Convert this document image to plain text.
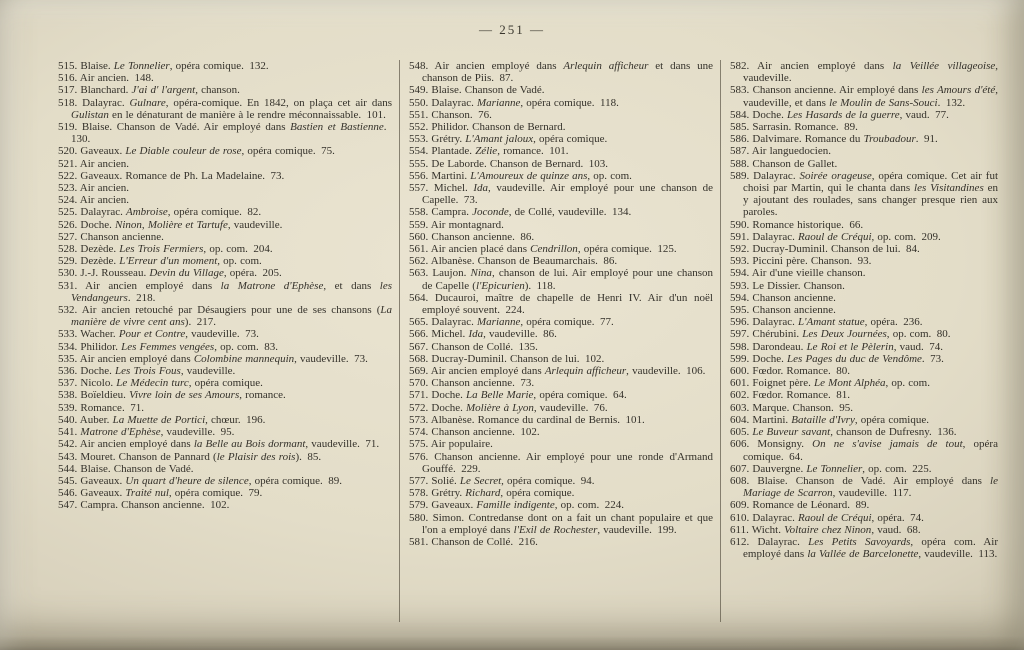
— 251 —

515. Blaise. Le Tonnelier, opéra comique. 132.

516. Air ancien. 148.

517. Blanchard. J'ai d' l'argent, chanson.

518. Dalayrac. Gulnare, opéra-comique. En 1842, on plaça cet air dans Gulistan en le dénaturant de manière à le rendre méconnaissable. 101.

519. Blaise. Chanson de Vadé. Air employé dans Bastien et Bastienne. 130.

520. Gaveaux. Le Diable couleur de rose, opéra comique. 75.

521. Air ancien.

522. Gaveaux. Romance de Ph. La Madelaine. 73.

523. Air ancien.

524. Air ancien.

525. Dalayrac. Ambroise, opéra comique. 82.

526. Doche. Ninon, Molière et Tartufe, vaudeville.

527. Chanson ancienne.

528. Dezède. Les Trois Fermiers, op. com. 204.

529. Dezède. L'Erreur d'un moment, op. com.

530. J.-J. Rousseau. Devin du Village, opéra. 205.

531. Air ancien employé dans la Matrone d'Ephèse, et dans les Vendangeurs. 218.

532. Air ancien retouché par Désaugiers pour une de ses chansons (La manière de vivre cent ans). 217.

533. Wacher. Pour et Contre, vaudeville. 73.

534. Philidor. Les Femmes vengées, op. com. 83.

535. Air ancien employé dans Colombine mannequin, vaudeville. 73.

536. Doche. Les Trois Fous, vaudeville.

537. Nicolo. Le Médecin turc, opéra comique.

538. Boïeldieu. Vivre loin de ses Amours, romance.

539. Romance. 71.

540. Auber. La Muette de Portici, chœur. 196.

541. Matrone d'Ephèse, vaudeville. 95.

542. Air ancien employé dans la Belle au Bois dormant, vaudeville. 71.

543. Mouret. Chanson de Pannard (le Plaisir des rois). 85.

544. Blaise. Chanson de Vadé.

545. Gaveaux. Un quart d'heure de silence, opéra comique. 89.

546. Gaveaux. Traité nul, opéra comique. 79.

547. Campra. Chanson ancienne. 102.

548. Air ancien employé dans Arlequin afficheur et dans une chanson de Piis. 87.

549. Blaise. Chanson de Vadé.

550. Dalayrac. Marianne, opéra comique. 118.

551. Chanson. 76.

552. Philidor. Chanson de Bernard.

553. Grétry. L'Amant jaloux, opéra comique.

554. Plantade. Zélie, romance. 101.

555. De Laborde. Chanson de Bernard. 103.

556. Martini. L'Amoureux de quinze ans, op. com.

557. Michel. Ida, vaudeville. Air employé pour une chanson de Capelle. 73.

558. Campra. Joconde, de Collé, vaudeville. 134.

559. Air montagnard.

560. Chanson ancienne. 86.

561. Air ancien placé dans Cendrillon, opéra comique. 125.

562. Albanèse. Chanson de Beaumarchais. 86.

563. Laujon. Nina, chanson de lui. Air employé pour une chanson de Capelle (l'Epicurien). 118.

564. Ducauroi, maître de chapelle de Henri IV. Air d'un noël employé souvent. 224.

565. Dalayrac. Marianne, opéra comique. 77.

566. Michel. Ida, vaudeville. 86.

567. Chanson de Collé. 135.

568. Ducray-Duminil. Chanson de lui. 102.

569. Air ancien employé dans Arlequin afficheur, vaudeville. 106.

570. Chanson ancienne. 73.

571. Doche. La Belle Marie, opéra comique. 64.

572. Doche. Molière à Lyon, vaudeville. 76.

573. Albanèse. Romance du cardinal de Bernis. 101.

574. Chanson ancienne. 102.

575. Air populaire.

576. Chanson ancienne. Air employé pour une ronde d'Armand Gouffé. 229.

577. Solié. Le Secret, opéra comique. 94.

578. Grétry. Richard, opéra comique.

579. Gaveaux. Famille indigente, op. com. 224.

580. Simon. Contredanse dont on a fait un chant populaire et que l'on a employé dans l'Exil de Rochester, vaudeville. 199.

581. Chanson de Collé. 216.

582. Air ancien employé dans la Veillée villageoise, vaudeville.

583. Chanson ancienne. Air employé dans les Amours d'été, vaudeville, et dans le Moulin de Sans-Souci. 132.

584. Doche. Les Hasards de la guerre, vaud. 77.

585. Sarrasin. Romance. 89.

586. Dalvimare. Romance du Troubadour. 91.

587. Air languedocien.

588. Chanson de Gallet.

589. Dalayrac. Soirée orageuse, opéra comique. Cet air fut choisi par Martin, qui le chanta dans les Visitandines en y ajoutant des roulades, sans changer presque rien aux paroles.

590. Romance historique. 66.

591. Dalayrac. Raoul de Créqui, op. com. 209.

592. Ducray-Duminil. Chanson de lui. 84.

593. Piccini père. Chanson. 93.

594. Air d'une vieille chanson.

593. Le Dissier. Chanson.

594. Chanson ancienne.

595. Chanson ancienne.

596. Dalayrac. L'Amant statue, opéra. 236.

597. Chérubini. Les Deux Journées, op. com. 80.

598. Darondeau. Le Roi et le Pèlerin, vaud. 74.

599. Doche. Les Pages du duc de Vendôme. 73.

600. Fœdor. Romance. 80.

601. Foignet père. Le Mont Alphéa, op. com.

602. Fœdor. Romance. 81.

603. Marque. Chanson. 95.

604. Martini. Bataille d'Ivry, opéra comique.

605. Le Buveur savant, chanson de Dufresny. 136.

606. Monsigny. On ne s'avise jamais de tout, opéra comique. 64.

607. Dauvergne. Le Tonnelier, op. com. 225.

608. Blaise. Chanson de Vadé. Air employé dans le Mariage de Scarron, vaudeville. 117.

609. Romance de Léonard. 89.

610. Dalayrac. Raoul de Créqui, opéra. 74.

611. Wicht. Voltaire chez Ninon, vaud. 68.

612. Dalayrac. Les Petits Savoyards, opéra com. Air employé dans la Vallée de Barcelonette, vaudeville. 113.
